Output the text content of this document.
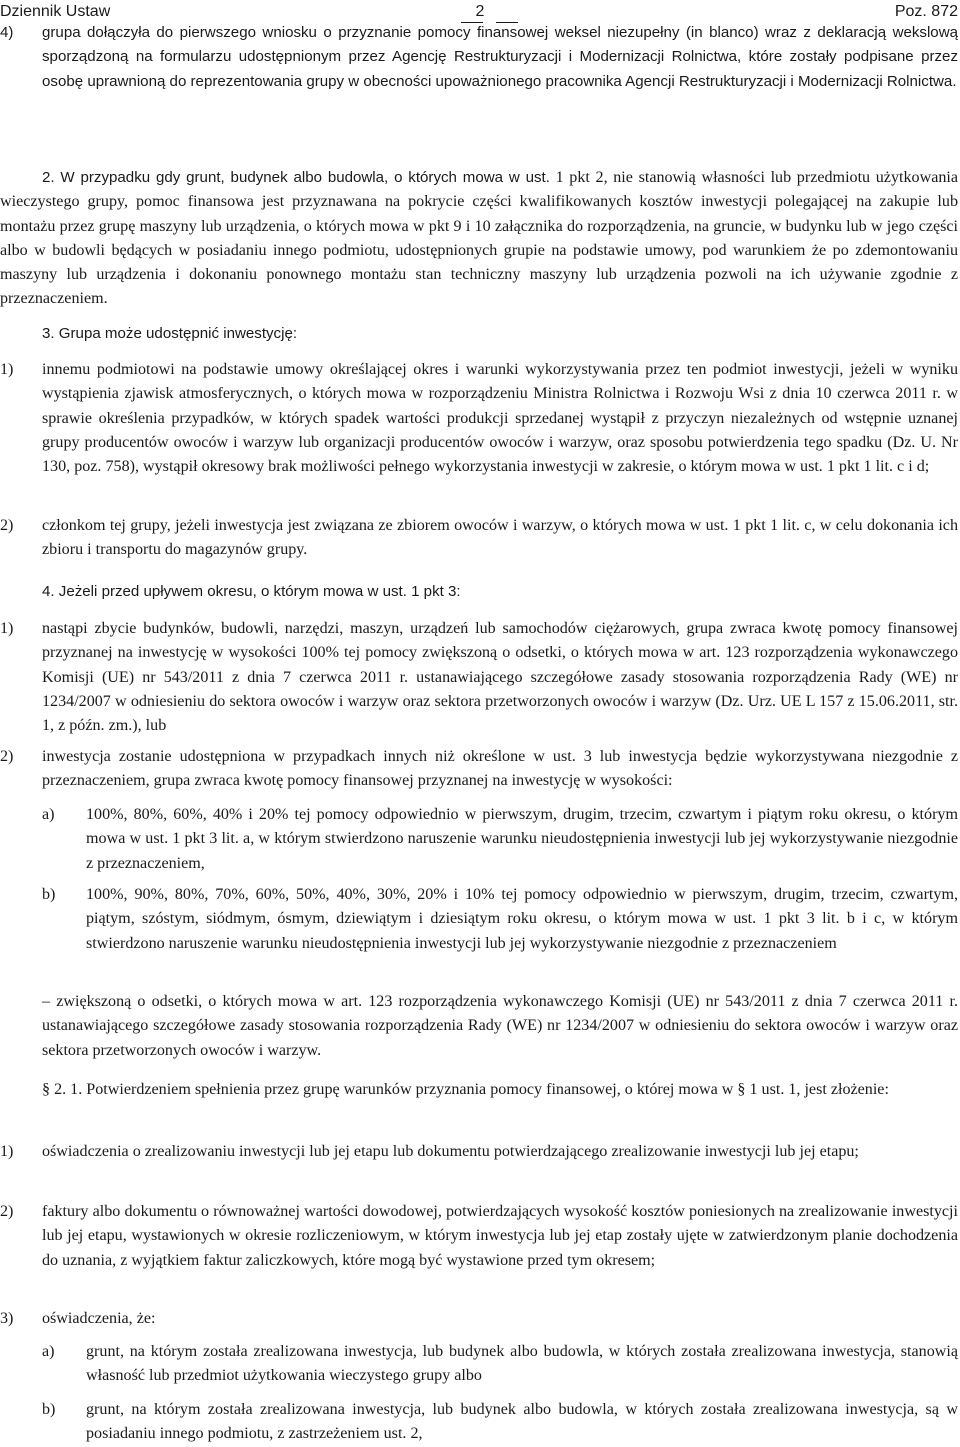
Dziennik Ustaw	2	Poz. 872
4) grupa dołączyła do pierwszego wniosku o przyznanie pomocy finansowej weksel niezupełny (in blanco) wraz z deklaracją wekslową sporządzoną na formularzu udostępnionym przez Agencję Restrukturyzacji i Modernizacji Rolnictwa, które zostały podpisane przez osobę uprawnioną do reprezentowania grupy w obecności upoważnionego pracownika Agencji Restrukturyzacji i Modernizacji Rolnictwa.
2. W przypadku gdy grunt, budynek albo budowla, o których mowa w ust. 1 pkt 2, nie stanowią własności lub przedmiotu użytkowania wieczystego grupy, pomoc finansowa jest przyznawana na pokrycie części kwalifikowanych kosztów inwestycji polegającej na zakupie lub montażu przez grupę maszyny lub urządzenia, o których mowa w pkt 9 i 10 załącznika do rozporządzenia, na gruncie, w budynku lub w jego części albo w budowli będących w posiadaniu innego podmiotu, udostępnionych grupie na podstawie umowy, pod warunkiem że po zdemontowaniu maszyny lub urządzenia i dokonaniu ponownego montażu stan techniczny maszyny lub urządzenia pozwoli na ich używanie zgodnie z przeznaczeniem.
3. Grupa może udostępnić inwestycję:
1) innemu podmiotowi na podstawie umowy określającej okres i warunki wykorzystywania przez ten podmiot inwestycji, jeżeli w wyniku wystąpienia zjawisk atmosferycznych, o których mowa w rozporządzeniu Ministra Rolnictwa i Rozwoju Wsi z dnia 10 czerwca 2011 r. w sprawie określenia przypadków, w których spadek wartości produkcji sprzedanej wystąpił z przyczyn niezależnych od wstępnie uznanej grupy producentów owoców i warzyw lub organizacji producentów owoców i warzyw, oraz sposobu potwierdzenia tego spadku (Dz. U. Nr 130, poz. 758), wystąpił okresowy brak możliwości pełnego wykorzystania inwestycji w zakresie, o którym mowa w ust. 1 pkt 1 lit. c i d;
2) członkom tej grupy, jeżeli inwestycja jest związana ze zbiorem owoców i warzyw, o których mowa w ust. 1 pkt 1 lit. c, w celu dokonania ich zbioru i transportu do magazynów grupy.
4. Jeżeli przed upływem okresu, o którym mowa w ust. 1 pkt 3:
1) nastąpi zbycie budynków, budowli, narzędzi, maszyn, urządzeń lub samochodów ciężarowych, grupa zwraca kwotę pomocy finansowej przyznanej na inwestycję w wysokości 100% tej pomocy zwiększoną o odsetki, o których mowa w art. 123 rozporządzenia wykonawczego Komisji (UE) nr 543/2011 z dnia 7 czerwca 2011 r. ustanawiającego szczegółowe zasady stosowania rozporządzenia Rady (WE) nr 1234/2007 w odniesieniu do sektora owoców i warzyw oraz sektora przetworzonych owoców i warzyw (Dz. Urz. UE L 157 z 15.06.2011, str. 1, z późn. zm.), lub
2) inwestycja zostanie udostępniona w przypadkach innych niż określone w ust. 3 lub inwestycja będzie wykorzystywana niezgodnie z przeznaczeniem, grupa zwraca kwotę pomocy finansowej przyznanej na inwestycję w wysokości:
a) 100%, 80%, 60%, 40% i 20% tej pomocy odpowiednio w pierwszym, drugim, trzecim, czwartym i piątym roku okresu, o którym mowa w ust. 1 pkt 3 lit. a, w którym stwierdzono naruszenie warunku nieudostępnienia inwestycji lub jej wykorzystywanie niezgodnie z przeznaczeniem,
b) 100%, 90%, 80%, 70%, 60%, 50%, 40%, 30%, 20% i 10% tej pomocy odpowiednio w pierwszym, drugim, trzecim, czwartym, piątym, szóstym, siódmym, ósmym, dziewiątym i dziesiątym roku okresu, o którym mowa w ust. 1 pkt 3 lit. b i c, w którym stwierdzono naruszenie warunku nieudostępnienia inwestycji lub jej wykorzystywanie niezgodnie z przeznaczeniem
– zwiększoną o odsetki, o których mowa w art. 123 rozporządzenia wykonawczego Komisji (UE) nr 543/2011 z dnia 7 czerwca 2011 r. ustanawiającego szczegółowe zasady stosowania rozporządzenia Rady (WE) nr 1234/2007 w odniesieniu do sektora owoców i warzyw oraz sektora przetworzonych owoców i warzyw.
§ 2. 1. Potwierdzeniem spełnienia przez grupę warunków przyznania pomocy finansowej, o której mowa w § 1 ust. 1, jest złożenie:
1) oświadczenia o zrealizowaniu inwestycji lub jej etapu lub dokumentu potwierdzającego zrealizowanie inwestycji lub jej etapu;
2) faktury albo dokumentu o równoważnej wartości dowodowej, potwierdzających wysokość kosztów poniesionych na zrealizowanie inwestycji lub jej etapu, wystawionych w okresie rozliczeniowym, w którym inwestycja lub jej etap zostały ujęte w zatwierdzonym planie dochodzenia do uznania, z wyjątkiem faktur zaliczkowych, które mogą być wystawione przed tym okresem;
3) oświadczenia, że:
a) grunt, na którym została zrealizowana inwestycja, lub budynek albo budowla, w których została zrealizowana inwestycja, stanowią własność lub przedmiot użytkowania wieczystego grupy albo
b) grunt, na którym została zrealizowana inwestycja, lub budynek albo budowla, w których została zrealizowana inwestycja, są w posiadaniu innego podmiotu, z zastrzeżeniem ust. 2,
